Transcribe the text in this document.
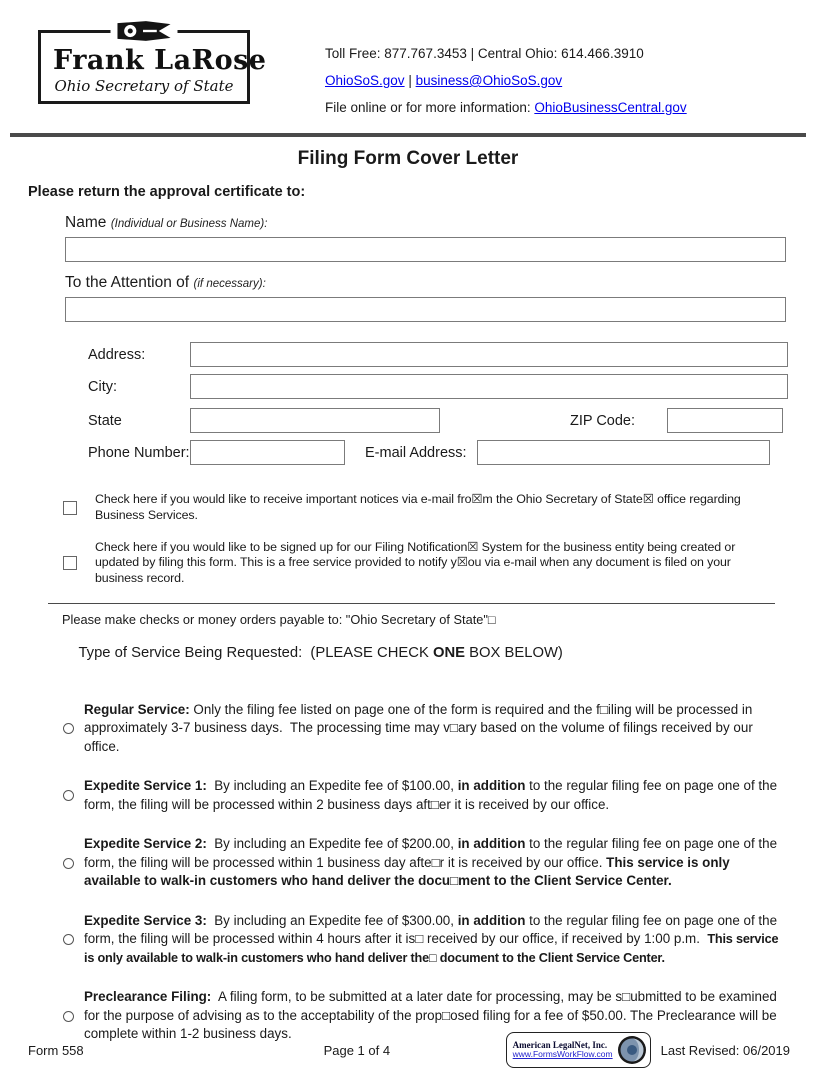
Frank LaRose
Ohio Secretary of State
Toll Free: 877.767.3453 | Central Ohio: 614.466.3910
OhioSoS.gov | business@OhioSoS.gov
File online or for more information: OhioBusinessCentral.gov
Filing Form Cover Letter
Please return the approval certificate to:
Name (Individual or Business Name):
To the Attention of (if necessary):
Address:
City:
State	ZIP Code:
Phone Number:	E-mail Address:
Check here if you would like to receive important notices via e-mail fro☒m the Ohio Secretary of State☒ office regarding Business Services.
Check here if you would like to be signed up for our Filing Notification☒ System for the business entity being created or updated by filing this form. This is a free service provided to notify y☒ou via e-mail when any document is filed on your business record.
Please make checks or money orders payable to: "Ohio Secretary of State"□

Type of Service Being Requested:  (PLEASE CHECK ONE BOX BELOW)

Regular Service: Only the filing fee listed on page one of the form is required and the f□iling will be processed in approximately 3-7 business days.  The processing time may v□ary based on the volume of filings received by our office.

Expedite Service 1:  By including an Expedite fee of $100.00, in addition to the regular filing fee on page one of the form, the filing will be processed within 2 business days aft□er it is received by our office.

Expedite Service 2:  By including an Expedite fee of $200.00, in addition to the regular filing fee on page one of the form, the filing will be processed within 1 business day afte□r it is received by our office. This service is only available to walk-in customers who hand deliver the docu□ment to the Client Service Center.

Expedite Service 3:  By including an Expedite fee of $300.00, in addition to the regular filing fee on page one of the form, the filing will be processed within 4 hours after it is□ received by our office, if received by 1:00 p.m.  This service is only available to walk-in customers who hand deliver the□ document to the Client Service Center.

Preclearance Filing:  A filing form, to be submitted at a later date for processing, may be s□ubmitted to be examined for the purpose of advising as to the acceptability of the prop□osed filing for a fee of $50.00. The Preclearance will be complete within 1-2 business days.

Form 558	Page 1 of 4	American LegalNet, Inc.
www.FormsWorkFlow.com	Last Revised: 06/2019
